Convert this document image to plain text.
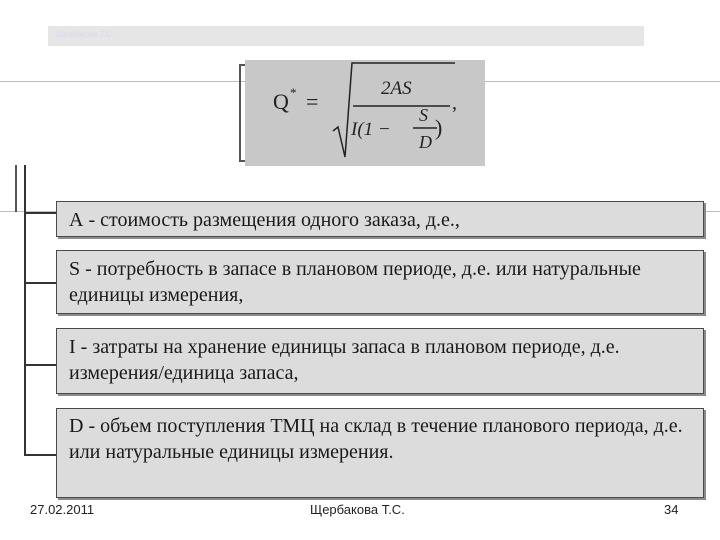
Щербакова Т.С.
Q * =
2AS
I(1 −
S
D
)
,
А - стоимость размещения одного заказа, д.е.,
S - потребность в запасе в плановом периоде, д.е. или натуральные единицы измерения,
I - затраты на хранение единицы запаса в плановом периоде, д.е. измерения/единица запаса,
D - объем поступления ТМЦ на склад в течение планового периода, д.е. или натуральные единицы измерения.
27.02.2011	Щербакова Т.С.	34
